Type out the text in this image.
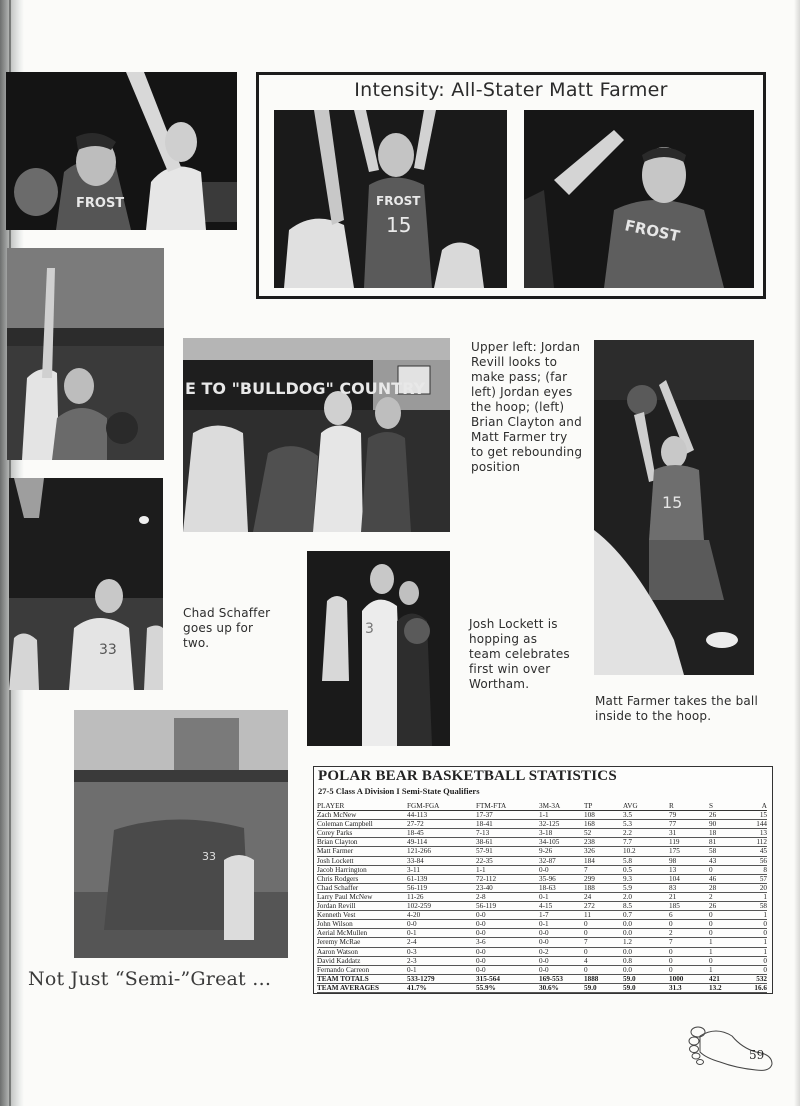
FROST
Intensity: All-Stater Matt Farmer
FROST
15	FROST
E TO "BULLDOG" COUNTRY
15
33
3
33
Upper left: Jordan Revill looks to make pass; (far left) Jordan eyes the hoop; (left) Brian Clayton and Matt Farmer try to get rebounding position
Chad Schaffer goes up for two.
Josh Lockett is hopping as team celebrates first win over Wortham.
Matt Farmer takes the ball inside to the hoop.
Not Just “Semi-”Great …
POLAR BEAR BASKETBALL STATISTICS
27-5 Class A Division I Semi-State Qualifiers
PLAYER	FGM-FGA	FTM-FTA	3M-3A	TP	AVG	R	S	A
Zach McNew	44-113	17-37	1-1	108	3.5	79	26	15
Coleman Campbell	27-72	18-41	32-125	168	5.3	77	90	144
Corey Parks	18-45	7-13	3-18	52	2.2	31	18	13
Brian Clayton	49-114	38-61	34-105	238	7.7	119	81	112
Matt Farmer	121-266	57-91	9-26	326	10.2	175	58	45
Josh Lockett	33-84	22-35	32-87	184	5.8	98	43	56
Jacob Harrington	3-11	1-1	0-0	7	0.5	13	0	8
Chris Rodgers	61-139	72-112	35-96	299	9.3	104	46	57
Chad Schaffer	56-119	23-40	18-63	188	5.9	83	28	20
Larry Paul McNew	11-26	2-8	0-1	24	2.0	21	2	1
Jordan Revill	102-259	56-119	4-15	272	8.5	185	26	58
Kenneth Vest	4-20	0-0	1-7	11	0.7	6	0	1
John Wilson	0-0	0-0	0-1	0	0.0	0	0	0
Aerial McMullen	0-1	0-0	0-0	0	0.0	2	0	0
Jeremy McRae	2-4	3-6	0-0	7	1.2	7	1	1
Aaron Watson	0-3	0-0	0-2	0	0.0	0	1	1
David Kaddatz	2-3	0-0	0-0	4	0.8	0	0	0
Fernando Carreon	0-1	0-0	0-0	0	0.0	0	1	0
TEAM TOTALS	533-1279	315-564	169-553	1888	59.0	1000	421	532
TEAM AVERAGES	41.7%	55.9%	30.6%	59.0	59.0	31.3	13.2	16.6
59
